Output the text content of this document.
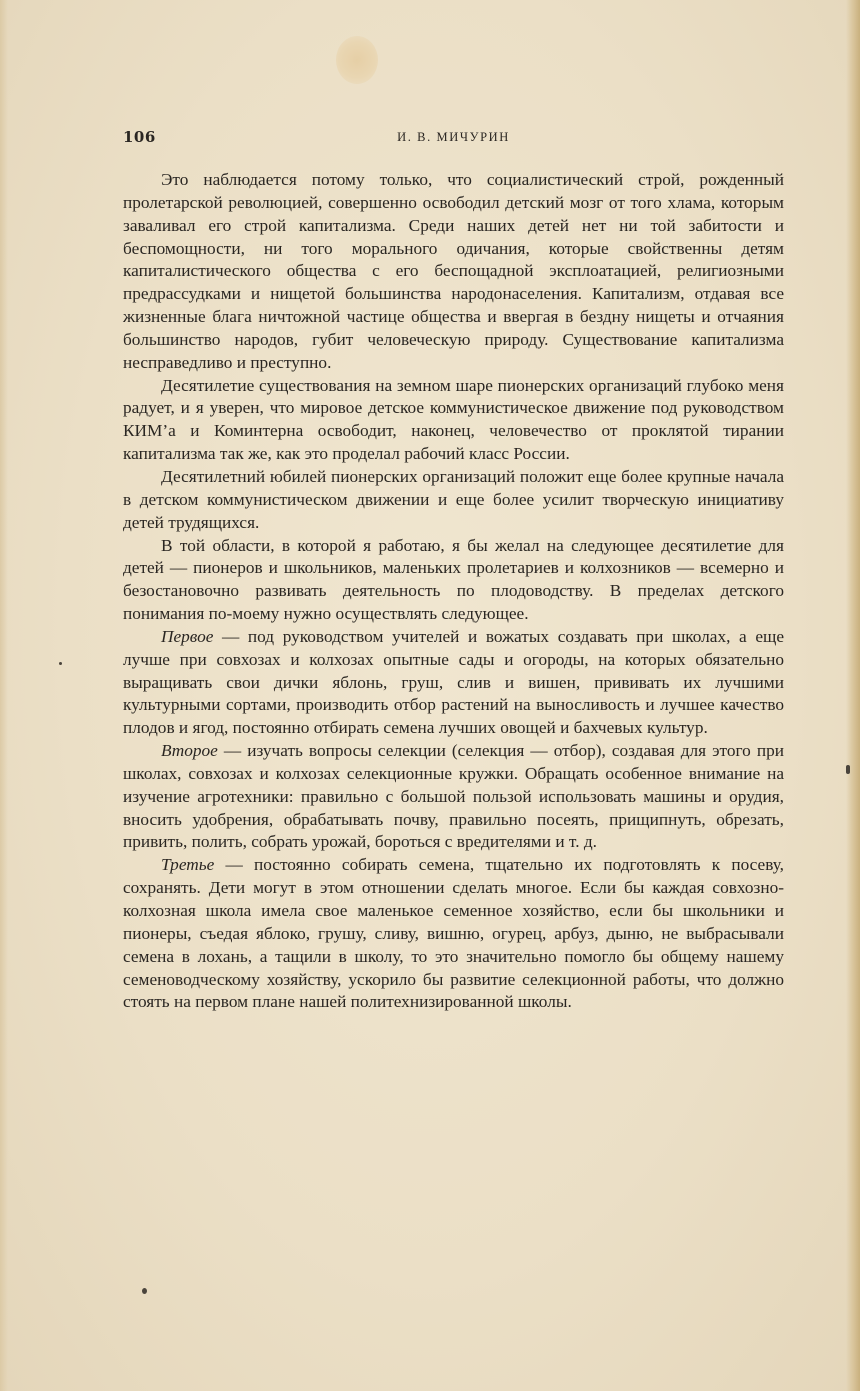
106	И. В. МИЧУРИН

Это наблюдается потому только, что социалистический строй, рожденный пролетарской революцией, совершенно освободил детский мозг от того хлама, которым заваливал его строй капитализма. Среди наших детей нет ни той забитости и беспомощности, ни того морального одичания, которые свойственны детям капиталистического общества с его беспощадной эксплоатацией, религиозными предрассудками и нищетой большинства народонаселения. Капитализм, отдавая все жизненные блага ничтожной частице общества и ввергая в бездну нищеты и отчаяния большинство народов, губит человеческую природу. Существование капитализма несправедливо и преступно.

Десятилетие существования на земном шаре пионерских организаций глубоко меня радует, и я уверен, что мировое детское коммунистическое движение под руководством КИМ’а и Коминтерна освободит, наконец, человечество от проклятой тирании капитализма так же, как это проделал рабочий класс России.

Десятилетний юбилей пионерских организаций положит еще более крупные начала в детском коммунистическом движении и еще более усилит творческую инициативу детей трудящихся.

В той области, в которой я работаю, я бы желал на следующее десятилетие для детей — пионеров и школьников, маленьких пролетариев и колхозников — всемерно и безостановочно развивать деятельность по плодоводству. В пределах детского понимания по-моему нужно осуществлять следующее.

Первое — под руководством учителей и вожатых создавать при школах, а еще лучше при совхозах и колхозах опытные сады и огороды, на которых обязательно выращивать свои дички яблонь, груш, слив и вишен, прививать их лучшими культурными сортами, производить отбор растений на выносливость и лучшее качество плодов и ягод, постоянно отбирать семена лучших овощей и бахчевых культур.

Второе — изучать вопросы селекции (селекция — отбор), создавая для этого при школах, совхозах и колхозах селекционные кружки. Обращать особенное внимание на изучение агротехники: правильно с большой пользой использовать машины и орудия, вносить удобрения, обрабатывать почву, правильно посеять, прищипнуть, обрезать, привить, полить, собрать урожай, бороться с вредителями и т. д.

Третье — постоянно собирать семена, тщательно их подготовлять к посеву, сохранять. Дети могут в этом отношении сделать многое. Если бы каждая совхозно-колхозная школа имела свое маленькое семенное хозяйство, если бы школьники и пионеры, съедая яблоко, грушу, сливу, вишню, огурец, арбуз, дыню, не выбрасывали семена в лохань, а тащили в школу, то это значительно помогло бы общему нашему семеноводческому хозяйству, ускорило бы развитие селекционной работы, что должно стоять на первом плане нашей политехнизированной школы.
